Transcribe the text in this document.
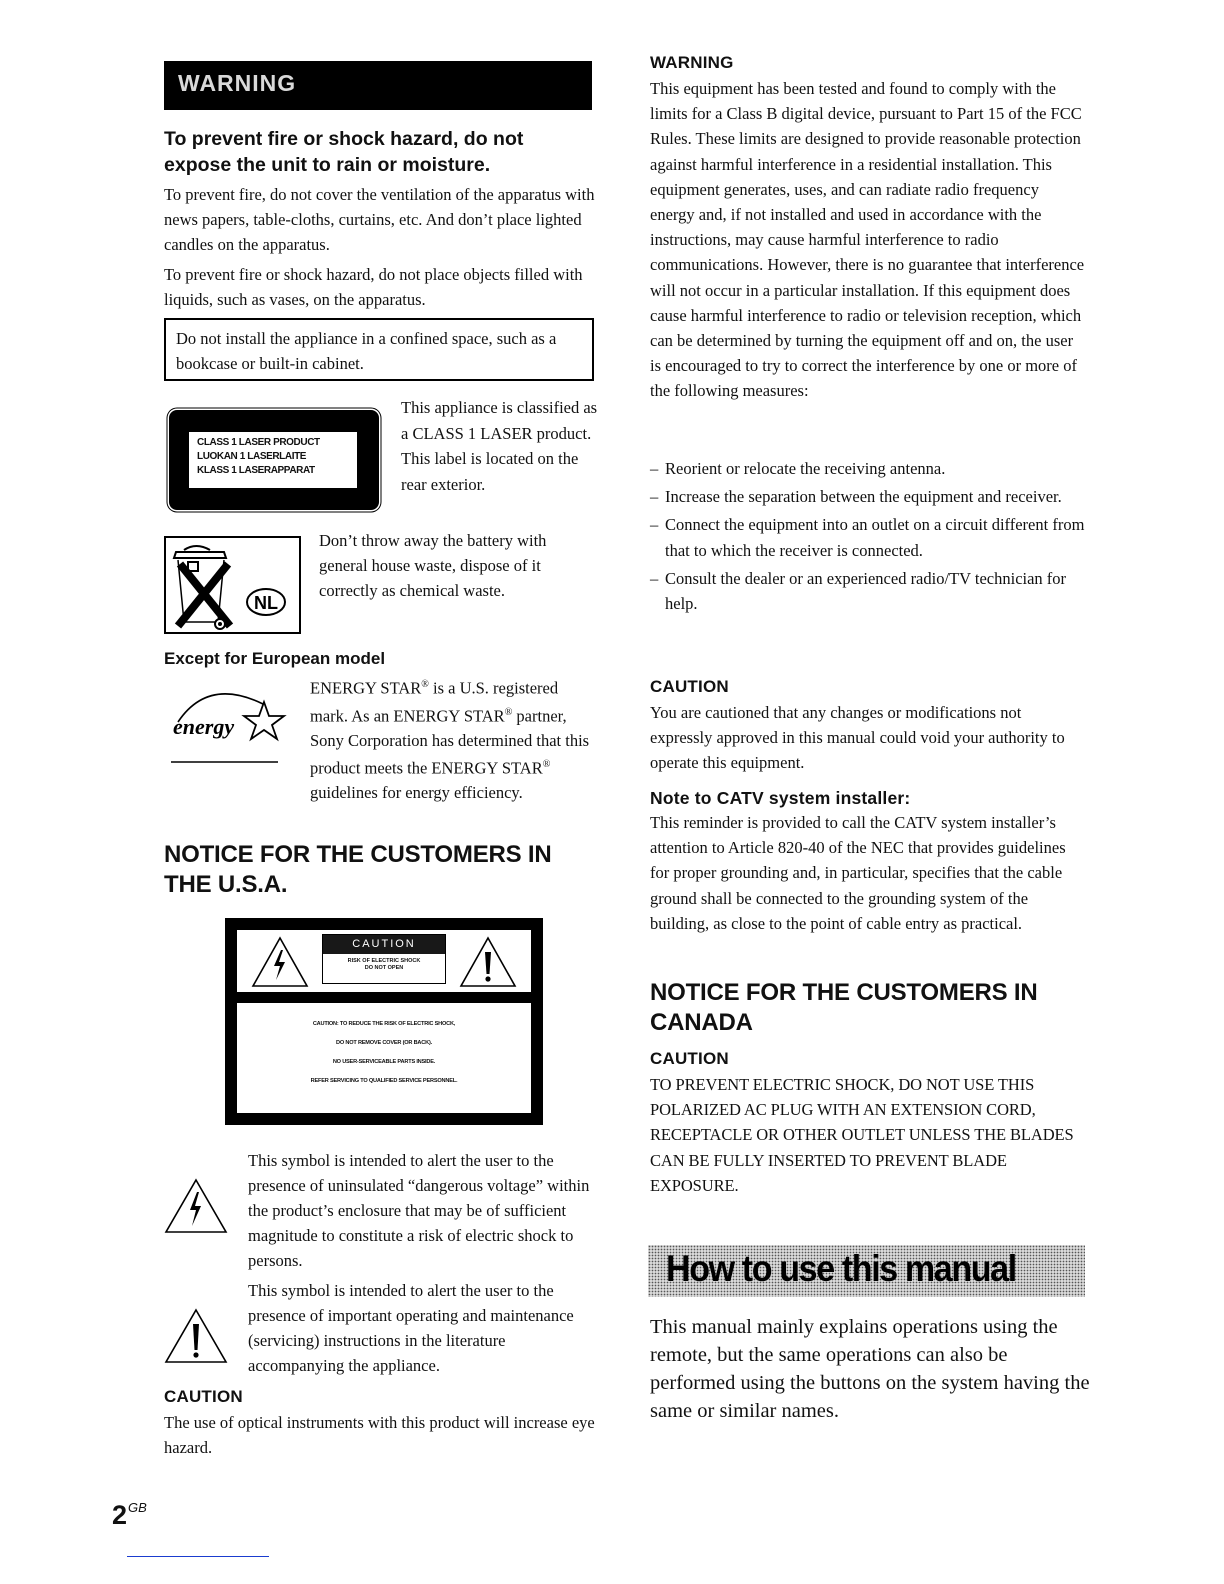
WARNING
To prevent fire or shock hazard, do not expose the unit to rain or moisture.

To prevent fire, do not cover the ventilation of the apparatus with news papers, table-cloths, curtains, etc. And don’t place lighted candles on the apparatus.

To prevent fire or shock hazard, do not place objects filled with liquids, such as vases, on the apparatus.

Do not install the appliance in a confined space, such as a bookcase or built-in cabinet.

CLASS 1 LASER PRODUCT
LUOKAN 1 LASERLAITE
KLASS 1 LASERAPPARAT

This appliance is classified as a CLASS 1 LASER product. This label is located on the rear exterior.

NL

Don’t throw away the battery with general house waste, dispose of it correctly as chemical waste.

Except for European model
energy

ENERGY STAR® is a U.S. registered mark. As an ENERGY STAR® partner, Sony Corporation has determined that this product meets the ENERGY STAR® guidelines for energy efficiency.

NOTICE FOR THE CUSTOMERS IN THE U.S.A.
CAUTION
RISK OF ELECTRIC SHOCK
DO NOT OPEN
CAUTION: TO REDUCE THE RISK OF ELECTRIC SHOCK,
DO NOT REMOVE COVER (OR BACK).
NO USER-SERVICEABLE PARTS INSIDE.
REFER SERVICING TO QUALIFIED SERVICE PERSONNEL.

This symbol is intended to alert the user to the presence of uninsulated “dangerous voltage” within the product’s enclosure that may be of sufficient magnitude to constitute a risk of electric shock to persons.

This symbol is intended to alert the user to the presence of important operating and maintenance (servicing) instructions in the literature accompanying the appliance.

CAUTION

The use of optical instruments with this product will increase eye hazard.

$2^{GB}$
WARNING

This equipment has been tested and found to comply with the limits for a Class B digital device, pursuant to Part 15 of the FCC Rules. These limits are designed to provide reasonable protection against harmful interference in a residential installation. This equipment generates, uses, and can radiate radio frequency energy and, if not installed and used in accordance with the instructions, may cause harmful interference to radio communications. However, there is no guarantee that interference will not occur in a particular installation. If this equipment does cause harmful interference to radio or television reception, which can be determined by turning the equipment off and on, the user is encouraged to try to correct the interference by one or more of the following measures:

– Reorient or relocate the receiving antenna.
– Increase the separation between the equipment and receiver.
– Connect the equipment into an outlet on a circuit different from that to which the receiver is connected.
– Consult the dealer or an experienced radio/TV technician for help.
CAUTION

You are cautioned that any changes or modifications not expressly approved in this manual could void your authority to operate this equipment.

Note to CATV system installer:

This reminder is provided to call the CATV system installer’s attention to Article 820-40 of the NEC that provides guidelines for proper grounding and, in particular, specifies that the cable ground shall be connected to the grounding system of the building, as close to the point of cable entry as practical.

NOTICE FOR THE CUSTOMERS IN CANADA
CAUTION

TO PREVENT ELECTRIC SHOCK, DO NOT USE THIS POLARIZED AC PLUG WITH AN EXTENSION CORD, RECEPTACLE OR OTHER OUTLET UNLESS THE BLADES CAN BE FULLY INSERTED TO PREVENT BLADE EXPOSURE.

How to use this manual

This manual mainly explains operations using the remote, but the same operations can also be performed using the buttons on the system having the same or similar names.
